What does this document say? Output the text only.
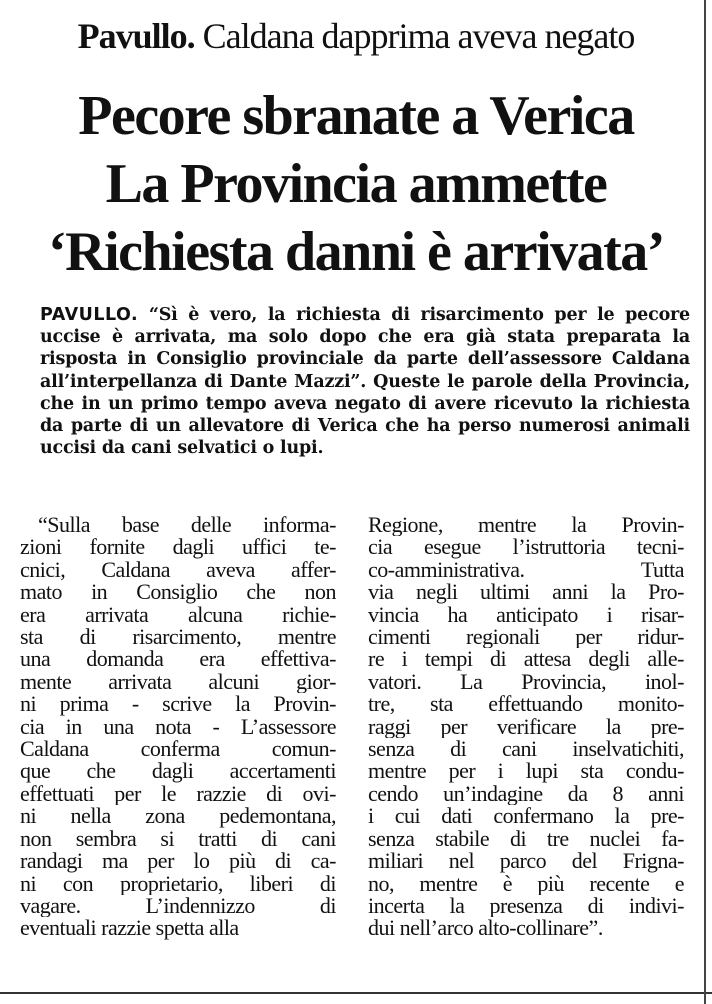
Pavullo. Caldana dapprima aveva negato
Pecore sbranate a Verica
La Provincia ammette
‘Richiesta danni è arrivata’
PAVULLO. “Sì è vero, la richiesta di risarcimento per le pecore uccise è arrivata, ma solo dopo che era già stata preparata la risposta in Consiglio provinciale da parte dell’assessore Caldana all’interpellanza di Dante Mazzi”. Queste le parole della Provincia, che in un primo tempo aveva negato di avere ricevuto la richiesta da parte di un allevatore di Verica che ha perso numerosi animali uccisi da cani selvatici o lupi.
“Sulla base delle informa-
zioni fornite dagli uffici te-
cnici, Caldana aveva affer-
mato in Consiglio che non
era arrivata alcuna richie-
sta di risarcimento, mentre
una domanda era effettiva-
mente arrivata alcuni gior-
ni prima - scrive la Provin-
cia in una nota - L’assessore
Caldana conferma comun-
que che dagli accertamenti
effettuati per le razzie di ovi-
ni nella zona pedemontana,
non sembra si tratti di cani
randagi ma per lo più di ca-
ni con proprietario, liberi di
vagare. L’indennizzo di
eventuali razzie spetta alla
Regione, mentre la Provin-
cia esegue l’istruttoria tecni-
co-amministrativa. Tutta
via negli ultimi anni la Pro-
vincia ha anticipato i risar-
cimenti regionali per ridur-
re i tempi di attesa degli alle-
vatori. La Provincia, inol-
tre, sta effettuando monito-
raggi per verificare la pre-
senza di cani inselvatichiti,
mentre per i lupi sta condu-
cendo un’indagine da 8 anni
i cui dati confermano la pre-
senza stabile di tre nuclei fa-
miliari nel parco del Frigna-
no, mentre è più recente e
incerta la presenza di indivi-
dui nell’arco alto-collinare”.
